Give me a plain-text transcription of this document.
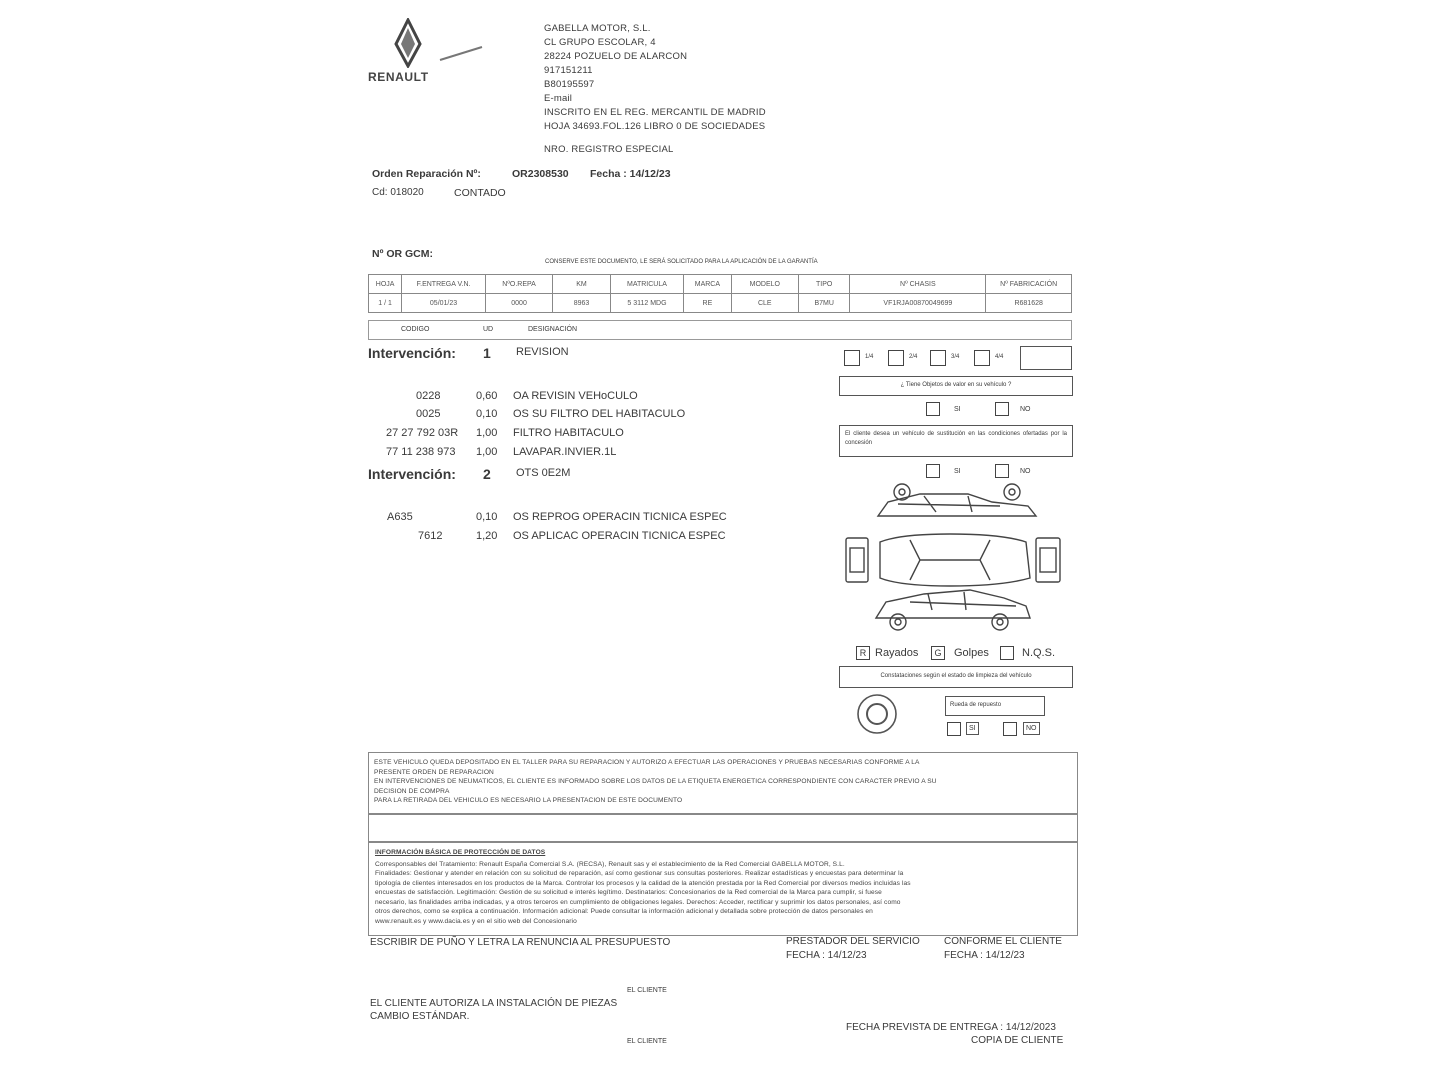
RENAULT
GABELLA MOTOR, S.L.
CL GRUPO ESCOLAR, 4
28224 POZUELO DE ALARCON
917151211
B80195597
E-mail
INSCRITO EN EL REG. MERCANTIL DE MADRID
HOJA 34693.FOL.126 LIBRO 0 DE SOCIEDADES
NRO. REGISTRO ESPECIAL
Orden Reparación Nº:	OR2308530 Fecha : 14/12/23
Cd: 018020	CONTADO
Nº OR GCM:
CONSERVE ESTE DOCUMENTO, LE SERÁ SOLICITADO PARA LA APLICACIÓN DE LA GARANTÍA
HOJA	F.ENTREGA V.N.	NºO.REPA	KM	MATRICULA	MARCA	MODELO	TIPO	Nº CHASIS	Nº FABRICACIÓN
1 / 1	05/01/23	0000	8963	5 3112 MDG	RE	CLE	B7MU	VF1RJA00870049699	R681628
CODIGO	UD	DESIGNACIÓN
Intervención: 1 REVISION
0228	0,60 OA REVISIN VEHoCULO
0025	0,10 OS SU FILTRO DEL HABITACULO
27 27 792 03R 1,00 FILTRO HABITACULO
77 11 238 973 1,00 LAVAPAR.INVIER.1L
Intervención: 2 OTS 0E2M
A635	0,10 OS REPROG OPERACIN TICNICA ESPEC
7612	1,20 OS APLICAC OPERACIN TICNICA ESPEC
1/4	2/4	3/4	4/4
¿ Tiene Objetos de valor en su vehículo ?
SI	NO
El cliente desea un vehículo de sustitución en las condiciones ofertadas por la concesión
SI	NO
R Rayados	G	Golpes	N.Q.S.
Constataciones según el estado de limpieza del vehículo
Rueda de repuesto
SI	NO
ESTE VEHICULO QUEDA DEPOSITADO EN EL TALLER PARA SU REPARACION Y AUTORIZO A EFECTUAR LAS OPERACIONES Y PRUEBAS NECESARIAS CONFORME A LA
PRESENTE ORDEN DE REPARACION
EN INTERVENCIONES DE NEUMATICOS, EL CLIENTE ES INFORMADO SOBRE LOS DATOS DE LA ETIQUETA ENERGETICA CORRESPONDIENTE CON CARACTER PREVIO A SU
DECISION DE COMPRA
PARA LA RETIRADA DEL VEHICULO ES NECESARIO LA PRESENTACION DE ESTE DOCUMENTO
INFORMACIÓN BÁSICA DE PROTECCIÓN DE DATOS
Corresponsables del Tratamiento: Renault España Comercial S.A. (RECSA), Renault sas y el establecimiento de la Red Comercial GABELLA MOTOR, S.L.
Finalidades: Gestionar y atender en relación con su solicitud de reparación, así como gestionar sus consultas posteriores. Realizar estadísticas y encuestas para determinar la
tipología de clientes interesados en los productos de la Marca. Controlar los procesos y la calidad de la atención prestada por la Red Comercial por diversos medios incluidas las
encuestas de satisfacción. Legitimación: Gestión de su solicitud e interés legítimo. Destinatarios: Concesionarios de la Red comercial de la Marca para cumplir, si fuese
necesario, las finalidades arriba indicadas, y a otros terceros en cumplimiento de obligaciones legales. Derechos: Acceder, rectificar y suprimir los datos personales, así como
otros derechos, como se explica a continuación. Información adicional: Puede consultar la información adicional y detallada sobre protección de datos personales en
www.renault.es y www.dacia.es y en el sitio web del Concesionario
ESCRIBIR DE PUÑO Y LETRA LA RENUNCIA AL PRESUPUESTO	PRESTADOR DEL SERVICIO
FECHA : 14/12/23
CONFORME EL CLIENTE
FECHA : 14/12/23
EL CLIENTE
EL CLIENTE AUTORIZA LA INSTALACIÓN DE PIEZAS
CAMBIO ESTÁNDAR.
FECHA PREVISTA DE ENTREGA : 14/12/2023
COPIA DE CLIENTE
EL CLIENTE
